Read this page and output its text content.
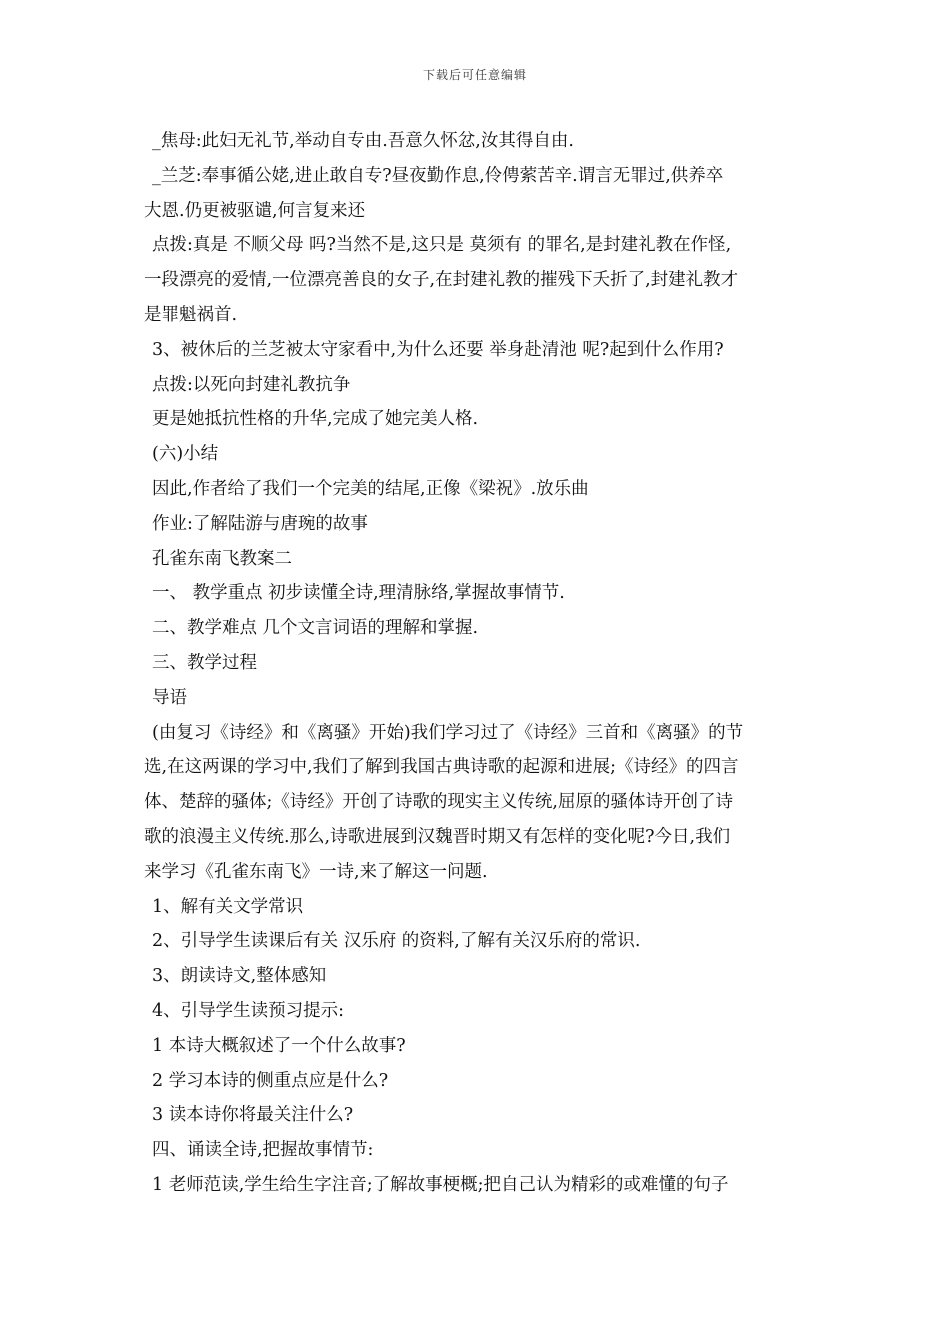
下载后可任意编辑
_焦母:此妇无礼节,举动自专由.吾意久怀忿,汝其得自由.
_兰芝:奉事循公姥,进止敢自专?昼夜勤作息,伶俜萦苦辛.谓言无罪过,供养卒
大恩.仍更被驱谴,何言复来还
点拨:真是 不顺父母 吗?当然不是,这只是 莫须有 的罪名,是封建礼教在作怪,
一段漂亮的爱情,一位漂亮善良的女子,在封建礼教的摧残下夭折了,封建礼教才
是罪魁祸首.
3、被休后的兰芝被太守家看中,为什么还要 举身赴清池 呢?起到什么作用?
点拨:以死向封建礼教抗争
更是她抵抗性格的升华,完成了她完美人格.
(六)小结
因此,作者给了我们一个完美的结尾,正像《梁祝》.放乐曲
作业:了解陆游与唐琬的故事
孔雀东南飞教案二
一、 教学重点 初步读懂全诗,理清脉络,掌握故事情节.
二、教学难点 几个文言词语的理解和掌握.
三、教学过程
导语
(由复习《诗经》和《离骚》开始)我们学习过了《诗经》三首和《离骚》的节
选,在这两课的学习中,我们了解到我国古典诗歌的起源和进展;《诗经》的四言
体、楚辞的骚体;《诗经》开创了诗歌的现实主义传统,屈原的骚体诗开创了诗
歌的浪漫主义传统.那么,诗歌进展到汉魏晋时期又有怎样的变化呢?今日,我们
来学习《孔雀东南飞》一诗,来了解这一问题.
1、解有关文学常识
2、引导学生读课后有关 汉乐府 的资料,了解有关汉乐府的常识.
3、朗读诗文,整体感知
4、引导学生读预习提示:
1 本诗大概叙述了一个什么故事?
2 学习本诗的侧重点应是什么?
3 读本诗你将最关注什么?
四、诵读全诗,把握故事情节:
1 老师范读,学生给生字注音;了解故事梗概;把自己认为精彩的或难懂的句子
